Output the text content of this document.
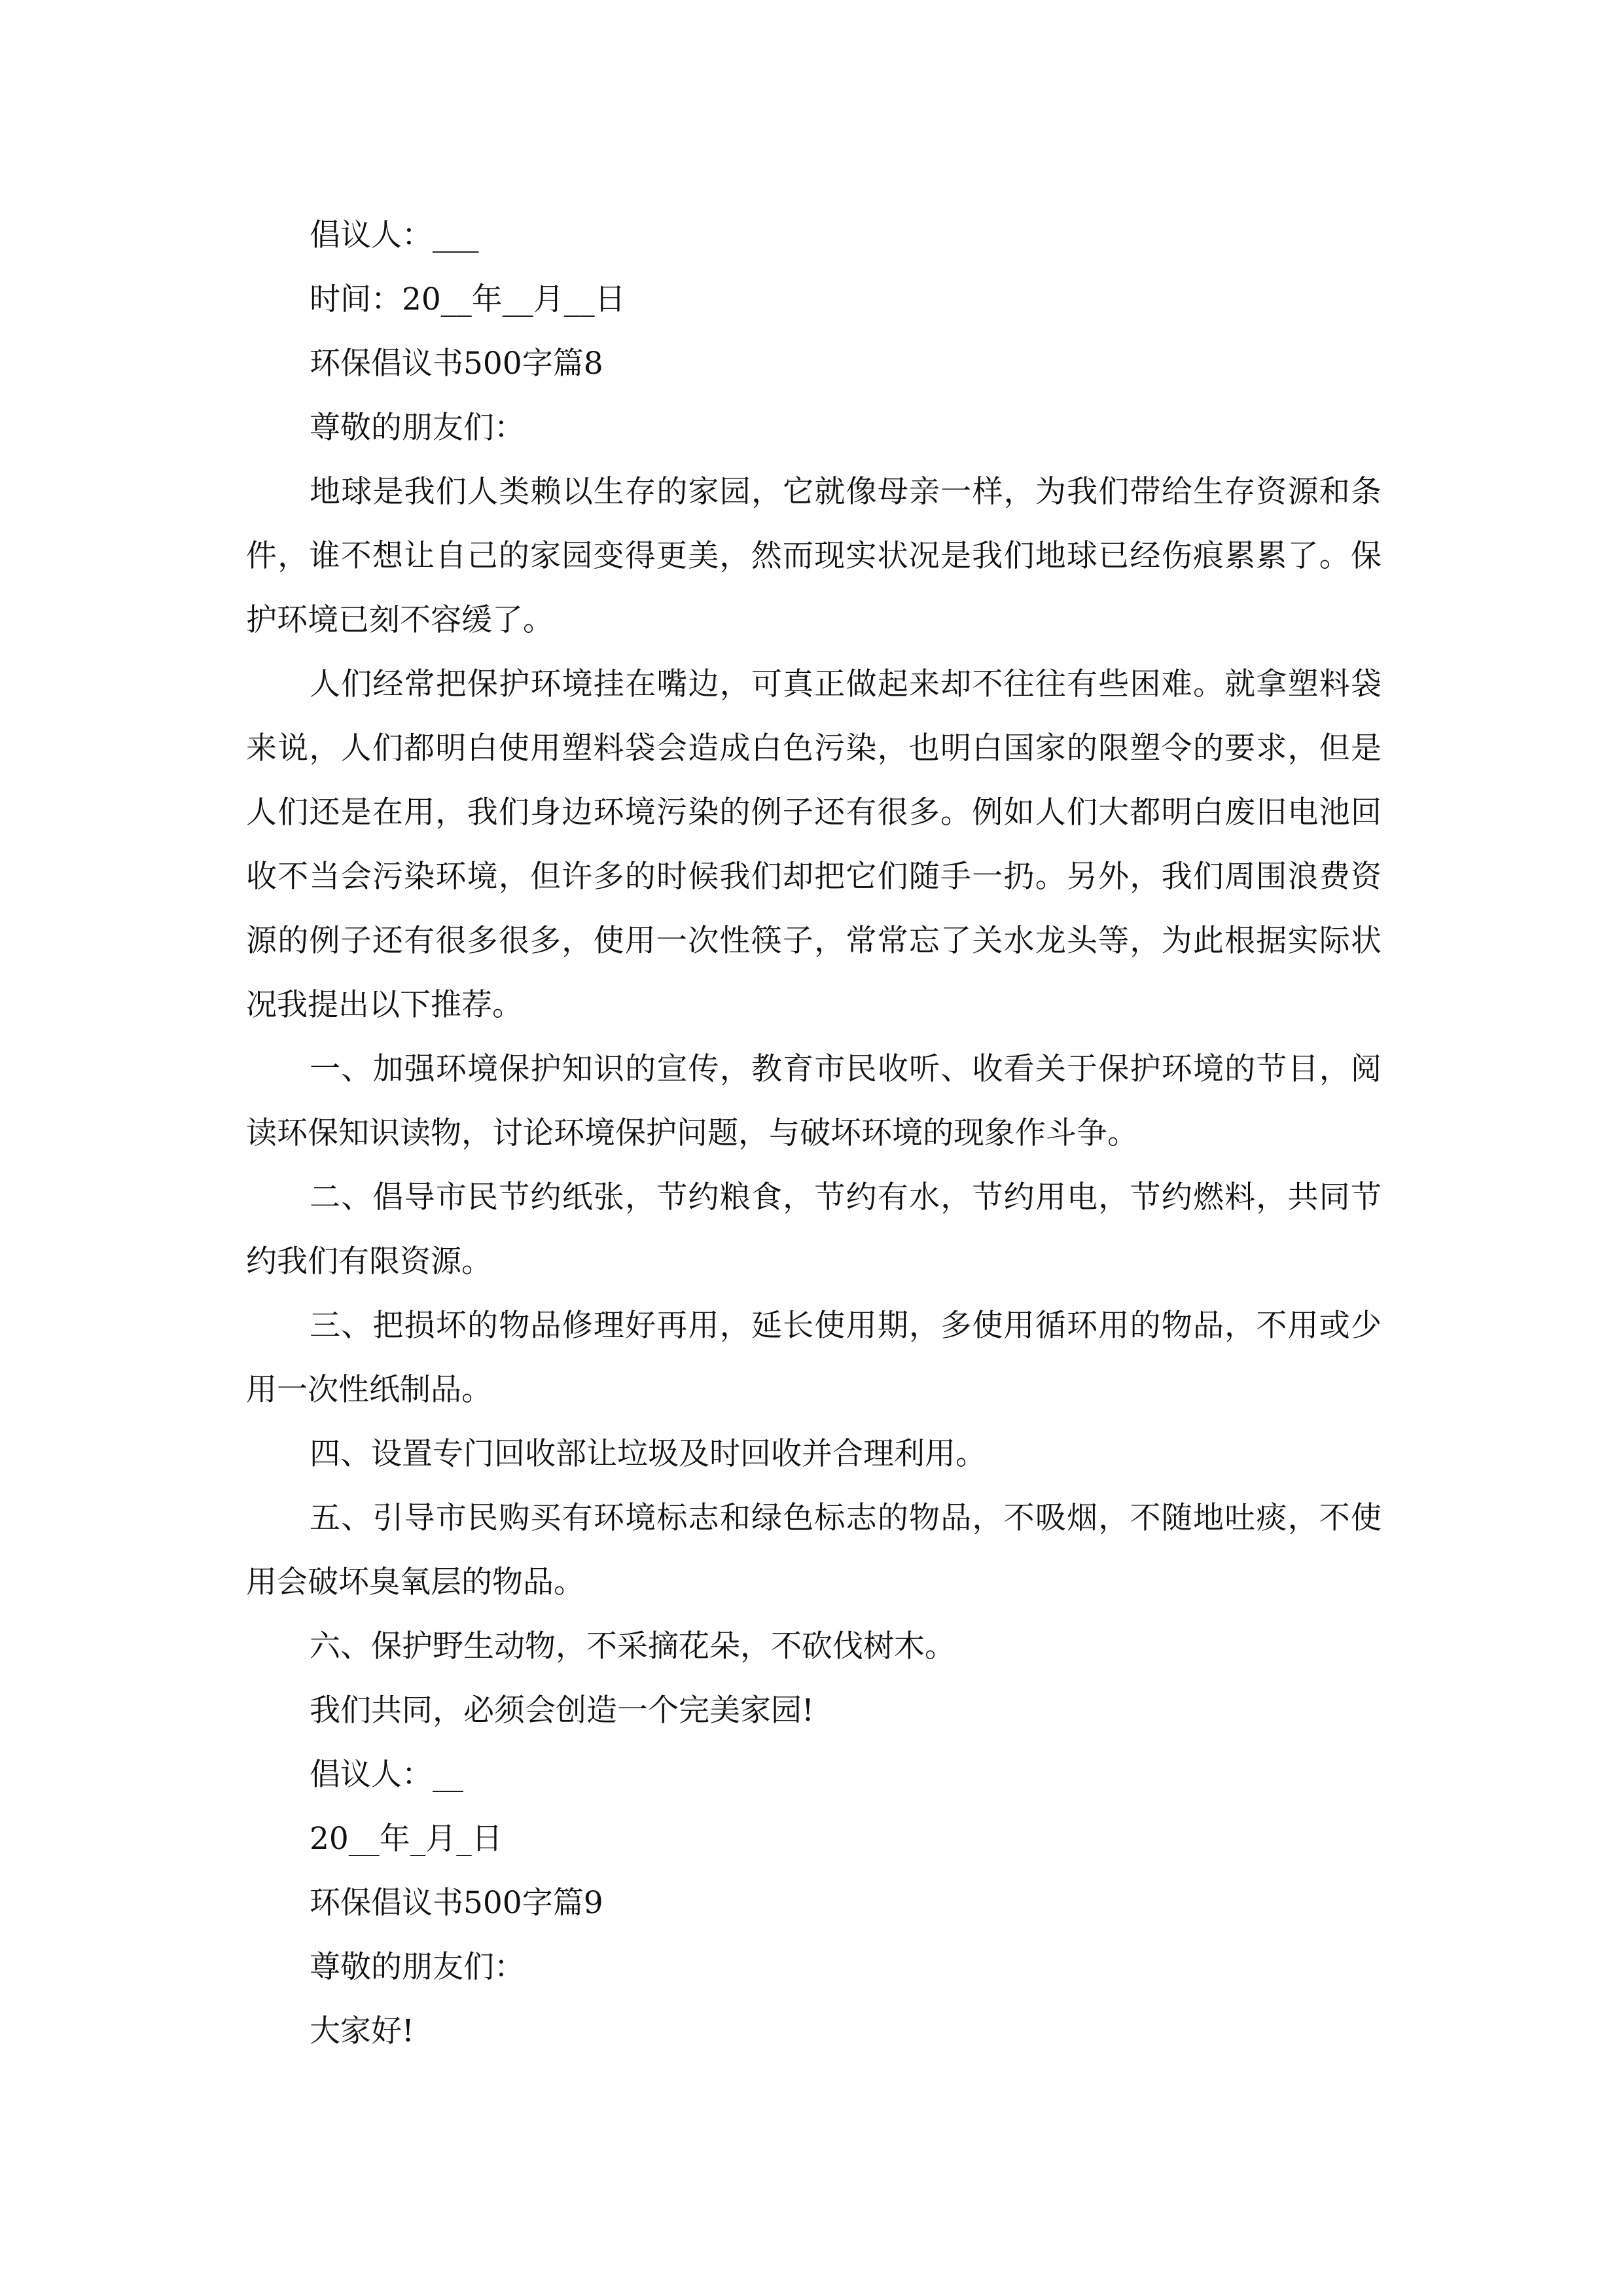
倡议人：___

时间：20__年__月__日

环保倡议书500字篇8

尊敬的朋友们：

地球是我们人类赖以生存的家园，它就像母亲一样，为我们带给生存资源和条件，谁不想让自己的家园变得更美，然而现实状况是我们地球已经伤痕累累了。保护环境已刻不容缓了。

人们经常把保护环境挂在嘴边，可真正做起来却不往往有些困难。就拿塑料袋来说，人们都明白使用塑料袋会造成白色污染，也明白国家的限塑令的要求，但是人们还是在用，我们身边环境污染的例子还有很多。例如人们大都明白废旧电池回收不当会污染环境，但许多的时候我们却把它们随手一扔。另外，我们周围浪费资源的例子还有很多很多，使用一次性筷子，常常忘了关水龙头等，为此根据实际状况我提出以下推荐。

一、加强环境保护知识的宣传，教育市民收听、收看关于保护环境的节目，阅读环保知识读物，讨论环境保护问题，与破坏环境的现象作斗争。

二、倡导市民节约纸张，节约粮食，节约有水，节约用电，节约燃料，共同节约我们有限资源。

三、把损坏的物品修理好再用，延长使用期，多使用循环用的物品，不用或少用一次性纸制品。

四、设置专门回收部让垃圾及时回收并合理利用。

五、引导市民购买有环境标志和绿色标志的物品，不吸烟，不随地吐痰，不使用会破坏臭氧层的物品。

六、保护野生动物，不采摘花朵，不砍伐树木。

我们共同，必须会创造一个完美家园!

倡议人：__

20__年_月_日

环保倡议书500字篇9

尊敬的朋友们：

大家好!
